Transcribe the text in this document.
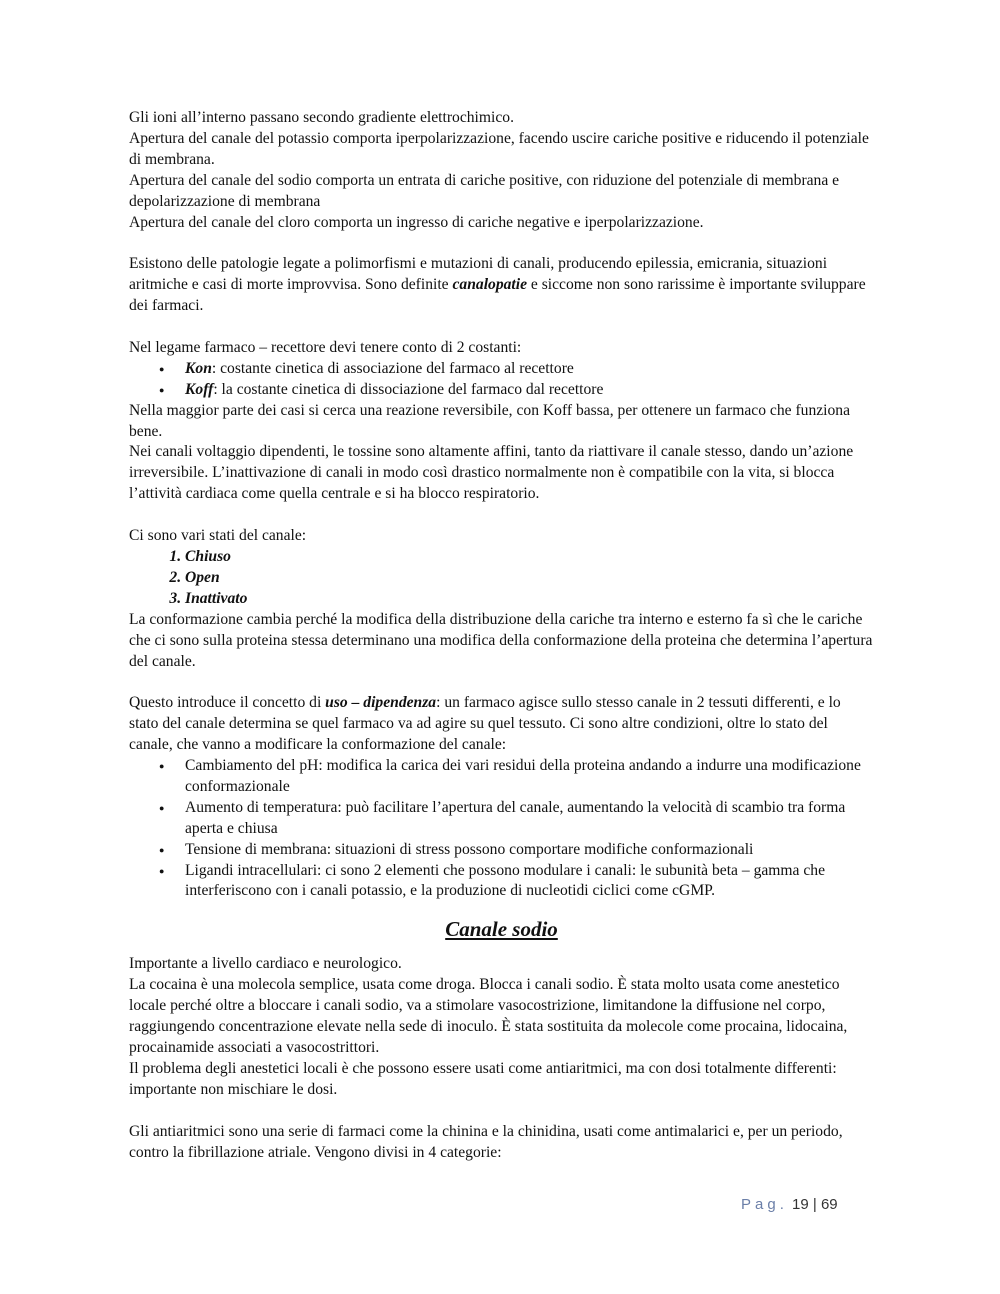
Gli ioni all’interno passano secondo gradiente elettrochimico.

Apertura del canale del potassio comporta iperpolarizzazione, facendo uscire cariche positive e riducendo il potenziale di membrana.

Apertura del canale del sodio comporta un entrata di cariche positive, con riduzione del potenziale di membrana e depolarizzazione di membrana

Apertura del canale del cloro comporta un ingresso di cariche negative e iperpolarizzazione.

Esistono delle patologie legate a polimorfismi e mutazioni di canali, producendo epilessia, emicrania, situazioni aritmiche e casi di morte improvvisa. Sono definite canalopatie e siccome non sono rarissime è importante sviluppare dei farmaci.

Nel legame farmaco – recettore devi tenere conto di 2 costanti:

● Kon: costante cinetica di associazione del farmaco al recettore
● Koff: la costante cinetica di dissociazione del farmaco dal recettore

Nella maggior parte dei casi si cerca una reazione reversibile, con Koff bassa, per ottenere un farmaco che funziona bene.

Nei canali voltaggio dipendenti, le tossine sono altamente affini, tanto da riattivare il canale stesso, dando un’azione irreversibile. L’inattivazione di canali in modo così drastico normalmente non è compatibile con la vita, si blocca l’attività cardiaca come quella centrale e si ha blocco respiratorio.

Ci sono vari stati del canale:

1. Chiuso
2. Open
3. Inattivato

La conformazione cambia perché la modifica della distribuzione della cariche tra interno e esterno fa sì che le cariche che ci sono sulla proteina stessa determinano una modifica della conformazione della proteina che determina l’apertura del canale.

Questo introduce il concetto di uso – dipendenza: un farmaco agisce sullo stesso canale in 2 tessuti differenti, e lo stato del canale determina se quel farmaco va ad agire su quel tessuto. Ci sono altre condizioni, oltre lo stato del canale, che vanno a modificare la conformazione del canale:

● Cambiamento del pH: modifica la carica dei vari residui della proteina andando a indurre una modificazione conformazionale
● Aumento di temperatura: può facilitare l’apertura del canale, aumentando la velocità di scambio tra forma aperta e chiusa
● Tensione di membrana: situazioni di stress possono comportare modifiche conformazionali
● Ligandi intracellulari: ci sono 2 elementi che possono modulare i canali: le subunità beta – gamma che interferiscono con i canali potassio, e la produzione di nucleotidi ciclici come cGMP.
Canale sodio

Importante a livello cardiaco e neurologico.

La cocaina è una molecola semplice, usata come droga. Blocca i canali sodio. È stata molto usata come anestetico locale perché oltre a bloccare i canali sodio, va a stimolare vasocostrizione, limitandone la diffusione nel corpo, raggiungendo concentrazione elevate nella sede di inoculo. È stata sostituita da molecole come procaina, lidocaina, procainamide associati a vasocostrittori.

Il problema degli anestetici locali è che possono essere usati come antiaritmici, ma con dosi totalmente differenti: importante non mischiare le dosi.

Gli antiaritmici sono una serie di farmaci come la chinina e la chinidina, usati come antimalarici e, per un periodo, contro la fibrillazione atriale. Vengono divisi in 4 categorie:

Pag. 19 | 69
